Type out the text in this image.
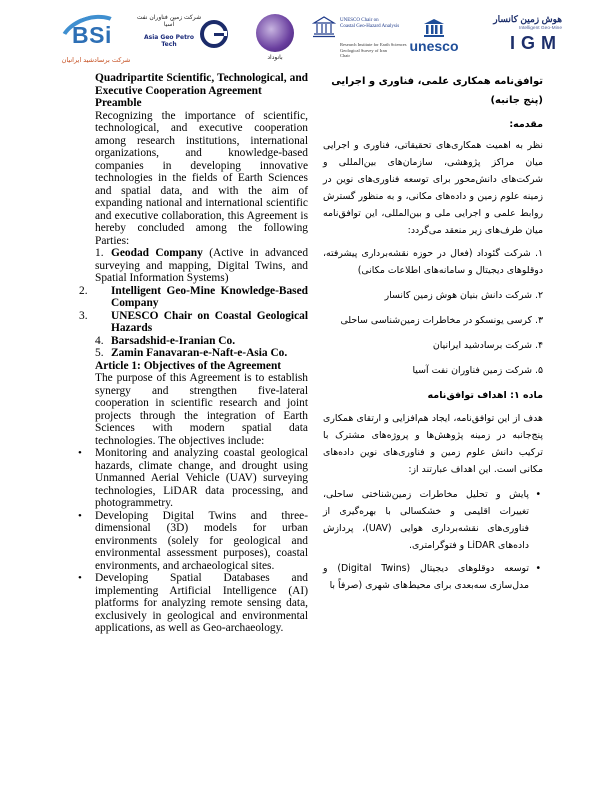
BSi
شرکت برسادشید ایرانیان
شرکت زمین فناوران نفت آسیا
Asia Geo Petro Tech
بانوداد
UNESCO Chair on
Coastal Geo-Hazard Analysis
Research Institute for Earth Sciences
Geological Survey of Iran
Chair
unesco
هوش زمین کانسار
Intelligent Geo-Mine
IGM

Quadripartite Scientific, Technological, and Executive Cooperation Agreement

Preamble

Recognizing the importance of scientific, technological, and executive cooperation among research institutions, international organizations, and knowledge-based companies in developing innovative technologies in the fields of Earth Sciences and spatial data, and with the aim of expanding national and international scientific and executive collaboration, this Agreement is hereby concluded among the following Parties:

1. Geodad Company (Active in advanced surveying and mapping, Digital Twins, and Spatial Information Systems)
2. Intelligent Geo-Mine Knowledge-Based Company
3. UNESCO Chair on Coastal Geological Hazards
4. Barsadshid-e-Iranian Co.
5. Zamin Fanavaran-e-Naft-e-Asia Co.

Article 1: Objectives of the Agreement

The purpose of this Agreement is to establish synergy and strengthen five-lateral cooperation in scientific research and joint projects through the integration of Earth Sciences with modern spatial data technologies. The objectives include:

• Monitoring and analyzing coastal geological hazards, climate change, and drought using Unmanned Aerial Vehicle (UAV) surveying technologies, LiDAR data processing, and photogrammetry.
• Developing Digital Twins and three-dimensional (3D) models for urban environments (solely for geological and environmental assessment purposes), coastal environments, and archaeological sites.
• Developing Spatial Databases and implementing Artificial Intelligence (AI) platforms for analyzing remote sensing data, exclusively in geological and environmental applications, as well as Geo-archaeology.

توافق‌نامه همکاری علمی، فناوری و اجرایی (پنج جانبه)

مقدمه:

نظر به اهمیت همکاری‌های تحقیقاتی، فناوری و اجرایی میان مراکز پژوهشی، سازمان‌های بین‌المللی و شرکت‌های دانش‌محور برای توسعه فناوری‌های نوین در زمینه علوم زمین و داده‌های مکانی، و به منظور گسترش روابط علمی و اجرایی ملی و بین‌المللی، این توافق‌نامه میان طرف‌های زیر منعقد می‌گردد:

۱. شرکت گئوداد (فعال در حوزه نقشه‌برداری پیشرفته، دوقلوهای دیجیتال و سامانه‌های اطلاعات مکانی)

۲. شرکت دانش بنیان هوش زمین کانسار

۳. کرسی یونسکو در مخاطرات زمین‌شناسی ساحلی

۴. شرکت برسادشید ایرانیان

۵. شرکت زمین فناوران نفت آسیا

ماده ۱: اهداف توافق‌نامه

هدف از این توافق‌نامه، ایجاد هم‌افزایی و ارتقای همکاری پنج‌جانبه در زمینه پژوهش‌ها و پروژه‌های مشترک با ترکیب دانش علوم زمین و فناوری‌های نوین داده‌های مکانی است. این اهداف عبارتند از:

• پایش و تحلیل مخاطرات زمین‌شناختی ساحلی، تغییرات اقلیمی و خشکسالی با بهره‌گیری از فناوری‌های نقشه‌برداری هوایی (UAV)، پردازش داده‌های LiDAR و فتوگرامتری.

• توسعه دوقلوهای دیجیتال (Digital Twins) و مدل‌سازی سه‌بعدی برای محیط‌های شهری (صرفاً با
